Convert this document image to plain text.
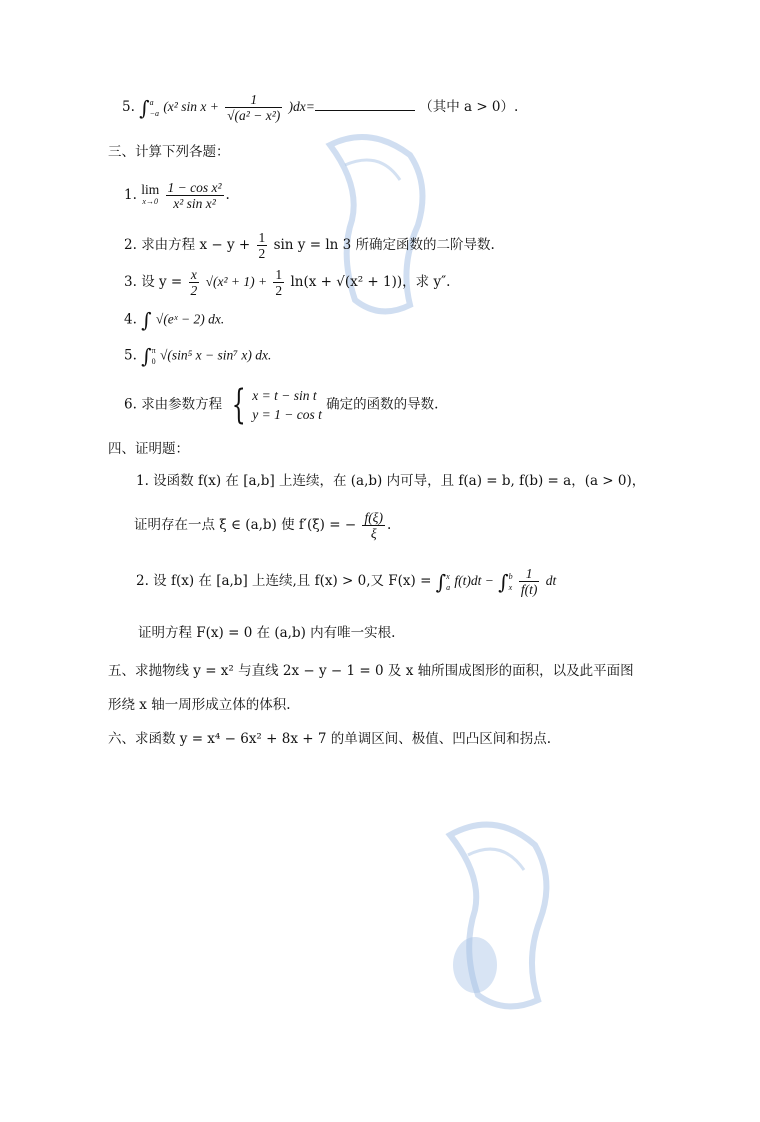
5. ∫ a
−a (x² $\sin x + \frac{1}{\text{√(a² − x²)}} )dx=$	（其中 a > 0）.
三、计算下列各题：
1. lim
x→0
$\frac{\text{1 − cos x²}}{\text{x² sin x²}}$ .
2. 求由方程 $x - y + \frac{1}{2}$ sin y = ln 3 所确定函数的二阶导数.
3. 设 $y = \frac{x}{2} √(x^2 + 1) + \frac{1}{2} \ln(x + √(x^2 + 1))$，求 y″.
4. ∫ √(eˣ − 2) dx.
5. ∫ π
0 √(sin⁵ x − sin⁷ x) dx.
6. 求由参数方程 { x = t − sin t
y = 1 − cos t
确定的函数的导数.
四、证明题：
1. 设函数 f(x) 在 [a,b] 上连续，在 (a,b) 内可导，且 f(a) = b, f(b) = a，(a > 0)，
证明存在一点 ξ ∈ (a,b) 使 f′(ξ) = − $\frac{f(\xi)}{\xi}$ .
2. 设 f(x) 在 [a,b] 上连续,且 f(x) > 0,又 F(x) = ∫ x
a f(t)dt − ∫ b
x
$\frac{1}{f(t)}$ dt
证明方程 F(x) = 0 在 (a,b) 内有唯一实根.
五、求抛物线 y = x² 与直线 2x − y − 1 = 0 及 x 轴所围成图形的面积，以及此平面图
形绕 x 轴一周形成立体的体积.
六、求函数 y = x⁴ − 6x² + 8x + 7 的单调区间、极值、凹凸区间和拐点.
